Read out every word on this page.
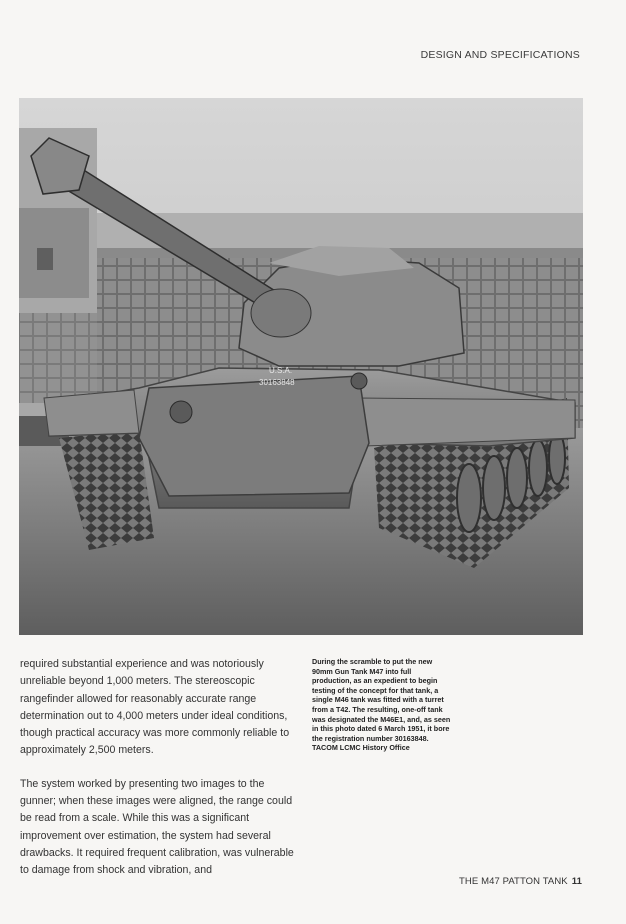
DESIGN AND SPECIFICATIONS
U.S.A.
30163848

required substantial experience and was notoriously unreliable beyond 1,000 meters. The stereoscopic rangefinder allowed for reasonably accurate range determination out to 4,000 meters under ideal conditions, though practical accuracy was more commonly reliable to approximately 2,500 meters.

The system worked by presenting two images to the gunner; when these images were aligned, the range could be read from a scale. While this was a significant improvement over estimation, the system had several drawbacks. It required frequent calibration, was vulnerable to damage from shock and vibration, and

During the scramble to put the new 90mm Gun Tank M47 into full production, as an expedient to begin testing of the concept for that tank, a single M46 tank was fitted with a turret from a T42. The resulting, one-off tank was designated the M46E1, and, as seen in this photo dated 6 March 1951, it bore the registration number 30163848. TACOM LCMC History Office
THE M47 PATTON TANK 11
